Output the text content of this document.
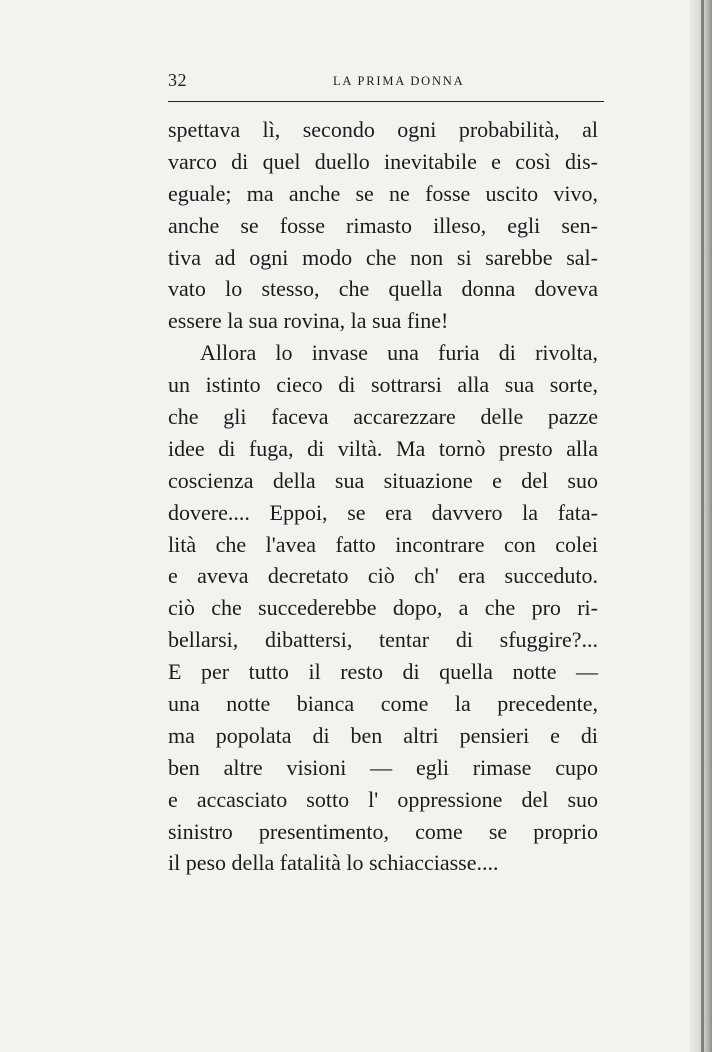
32	LA PRIMA DONNA
spettava lì, secondo ogni probabilità, al
varco di quel duello inevitabile e così dis-
eguale; ma anche se ne fosse uscito vivo,
anche se fosse rimasto illeso, egli sen-
tiva ad ogni modo che non si sarebbe sal-
vato lo stesso, che quella donna doveva
essere la sua rovina, la sua fine!
Allora lo invase una furia di rivolta,
un istinto cieco di sottrarsi alla sua sorte,
che gli faceva accarezzare delle pazze
idee di fuga, di viltà. Ma tornò presto alla
coscienza della sua situazione e del suo
dovere.... Eppoi, se era davvero la fata-
lità che l'avea fatto incontrare con colei
e aveva decretato ciò ch' era succeduto.
ciò che succederebbe dopo, a che pro ri-
bellarsi, dibattersi, tentar di sfuggire?...
E per tutto il resto di quella notte —
una notte bianca come la precedente,
ma popolata di ben altri pensieri e di
ben altre visioni — egli rimase cupo
e accasciato sotto l' oppressione del suo
sinistro presentimento, come se proprio
il peso della fatalità lo schiacciasse....
